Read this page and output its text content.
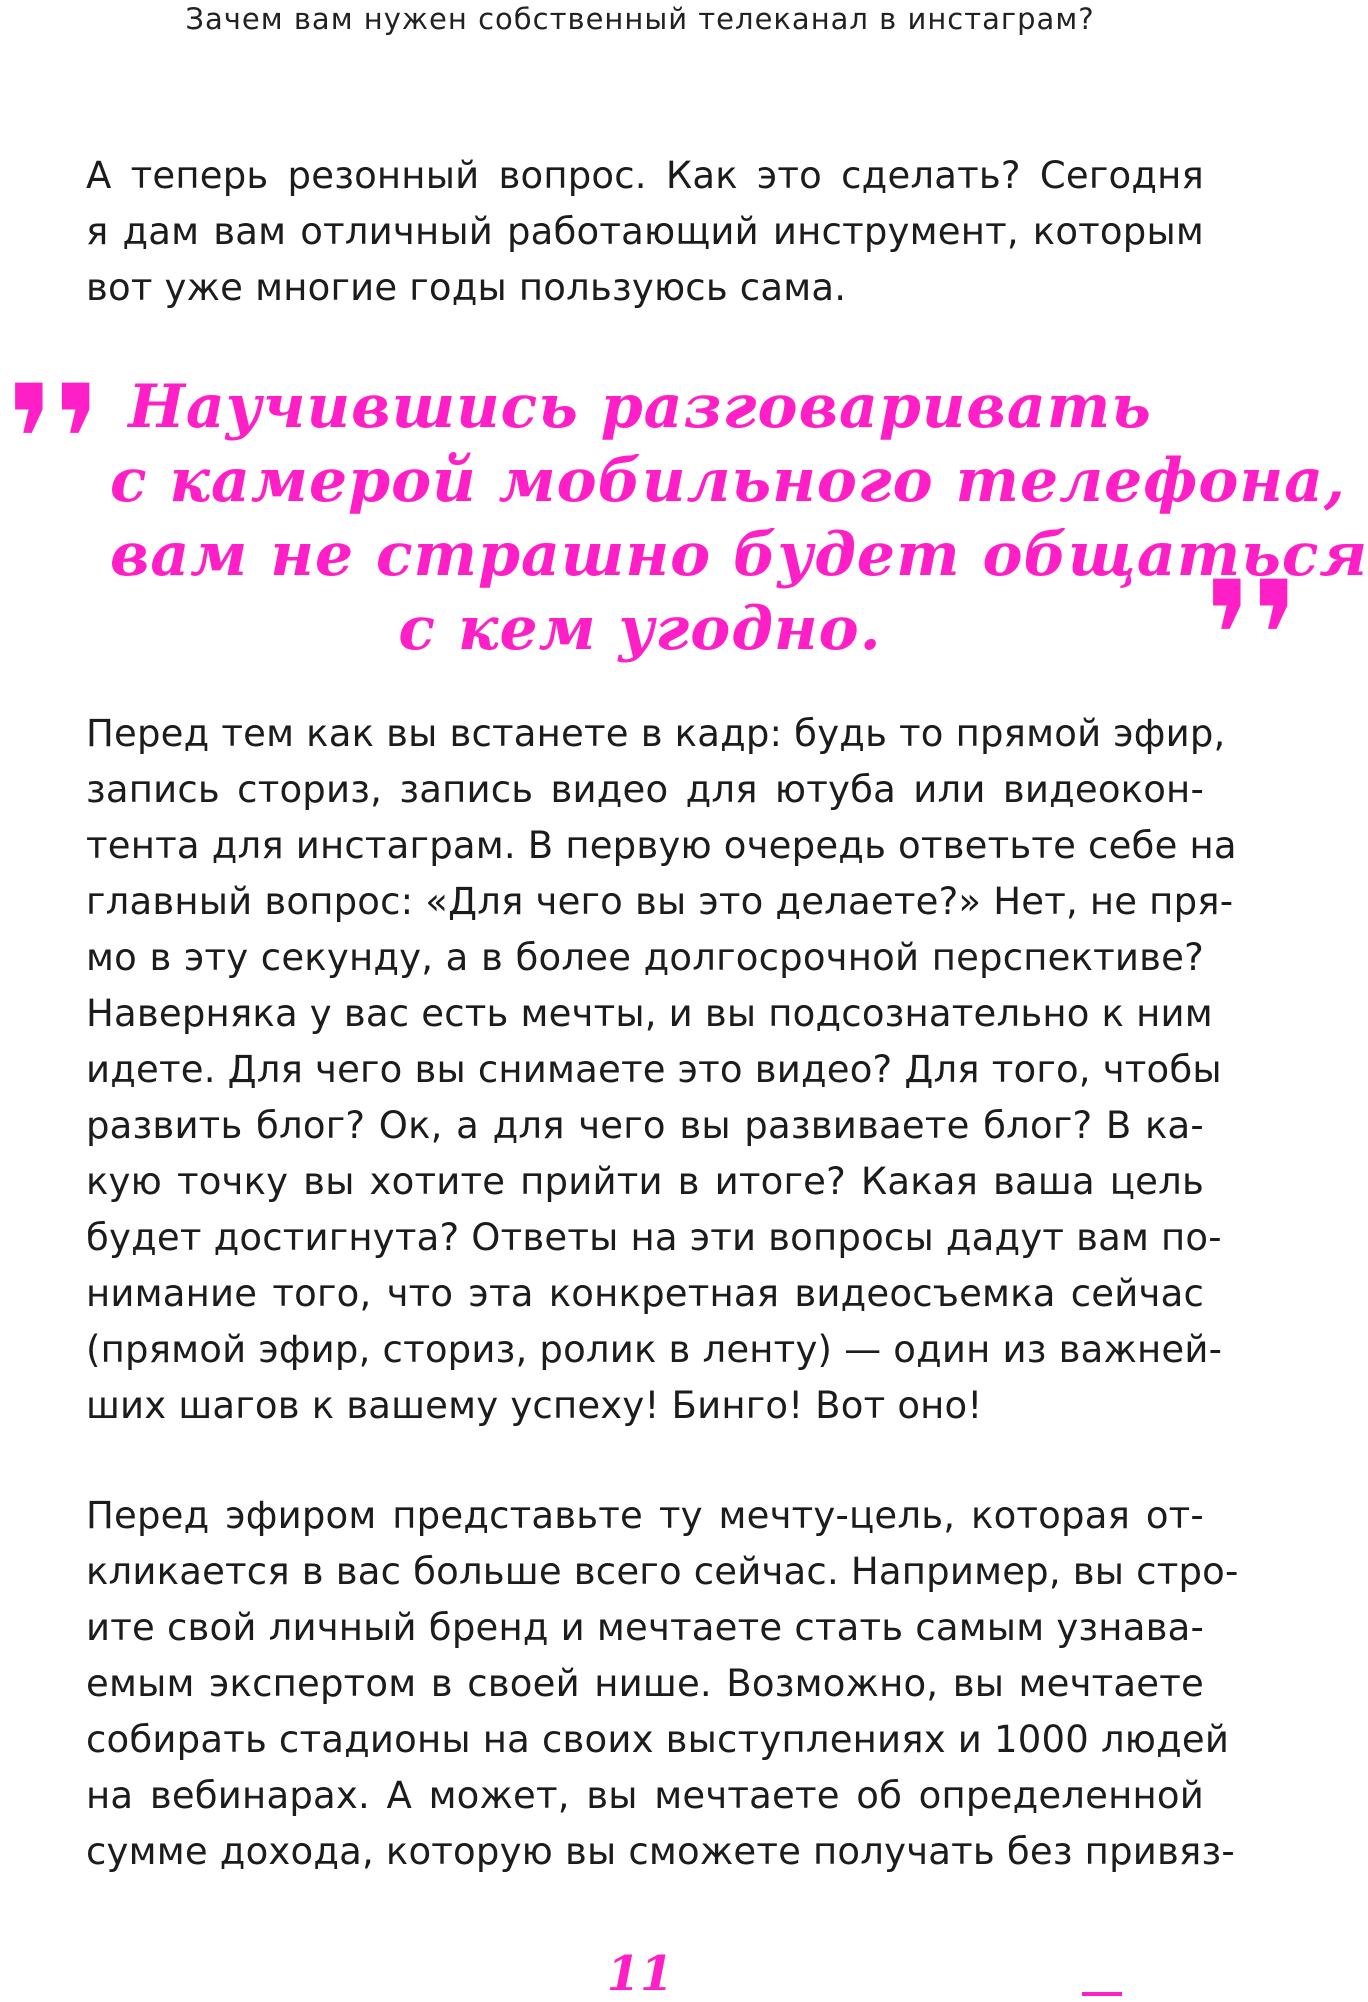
Зачем вам нужен собственный телеканал в инстаграм?
А теперь резонный вопрос. Как это сделать? Сегодня
я дам вам отличный работающий инструмент, которым
вот уже многие годы пользуюсь сама.
❜❜ Научившись разговаривать
с камерой мобильного телефона,
вам не страшно будет общаться
с кем угодно.	❜❜
Перед тем как вы встанете в кадр: будь то прямой эфир,
запись сториз, запись видео для ютуба или видеокон-
тента для инстаграм. В первую очередь ответьте себе на
главный вопрос: «Для чего вы это делаете?» Нет, не пря-
мо в эту секунду, а в более долгосрочной перспективе?
Наверняка у вас есть мечты, и вы подсознательно к ним
идете. Для чего вы снимаете это видео? Для того, чтобы
развить блог? Ок, а для чего вы развиваете блог? В ка-
кую точку вы хотите прийти в итоге? Какая ваша цель
будет достигнута? Ответы на эти вопросы дадут вам по-
нимание того, что эта конкретная видеосъемка сейчас
(прямой эфир, сториз, ролик в ленту) — один из важней-
ших шагов к вашему успеху! Бинго! Вот оно!
Перед эфиром представьте ту мечту-цель, которая от-
кликается в вас больше всего сейчас. Например, вы стро-
ите свой личный бренд и мечтаете стать самым узнава-
емым экспертом в своей нише. Возможно, вы мечтаете
собирать стадионы на своих выступлениях и 1000 людей
на вебинарах. А может, вы мечтаете об определенной
сумме дохода, которую вы сможете получать без привяз-
11
